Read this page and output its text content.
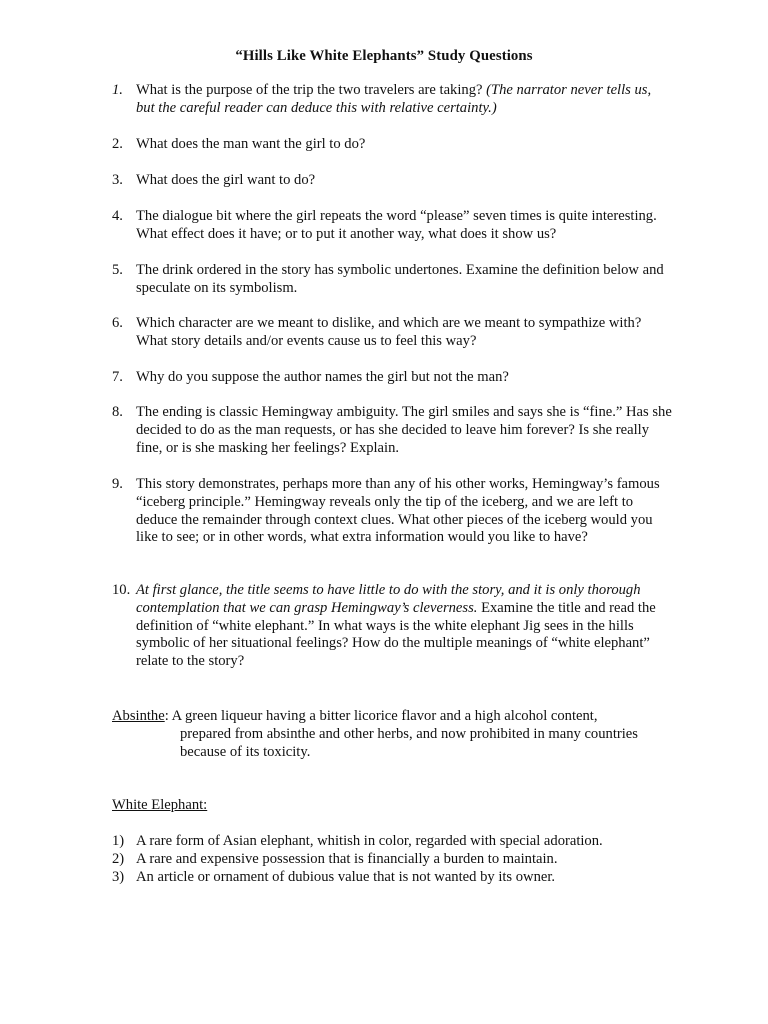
“Hills Like White Elephants” Study Questions
1. What is the purpose of the trip the two travelers are taking? (The narrator never tells us, but the careful reader can deduce this with relative certainty.)
2. What does the man want the girl to do?
3. What does the girl want to do?
4. The dialogue bit where the girl repeats the word “please” seven times is quite interesting. What effect does it have; or to put it another way, what does it show us?
5. The drink ordered in the story has symbolic undertones. Examine the definition below and speculate on its symbolism.
6. Which character are we meant to dislike, and which are we meant to sympathize with? What story details and/or events cause us to feel this way?
7. Why do you suppose the author names the girl but not the man?
8. The ending is classic Hemingway ambiguity. The girl smiles and says she is “fine.” Has she decided to do as the man requests, or has she decided to leave him forever? Is she really fine, or is she masking her feelings? Explain.
9. This story demonstrates, perhaps more than any of his other works, Hemingway’s famous “iceberg principle.” Hemingway reveals only the tip of the iceberg, and we are left to deduce the remainder through context clues. What other pieces of the iceberg would you like to see; or in other words, what extra information would you like to have?
10. At first glance, the title seems to have little to do with the story, and it is only thorough contemplation that we can grasp Hemingway’s cleverness. Examine the title and read the definition of “white elephant.” In what ways is the white elephant Jig sees in the hills symbolic of her situational feelings? How do the multiple meanings of “white elephant” relate to the story?
Absinthe: A green liqueur having a bitter licorice flavor and a high alcohol content,
prepared from absinthe and other herbs, and now prohibited in many countries
because of its toxicity.
White Elephant:
1) A rare form of Asian elephant, whitish in color, regarded with special adoration.
2) A rare and expensive possession that is financially a burden to maintain.
3) An article or ornament of dubious value that is not wanted by its owner.
